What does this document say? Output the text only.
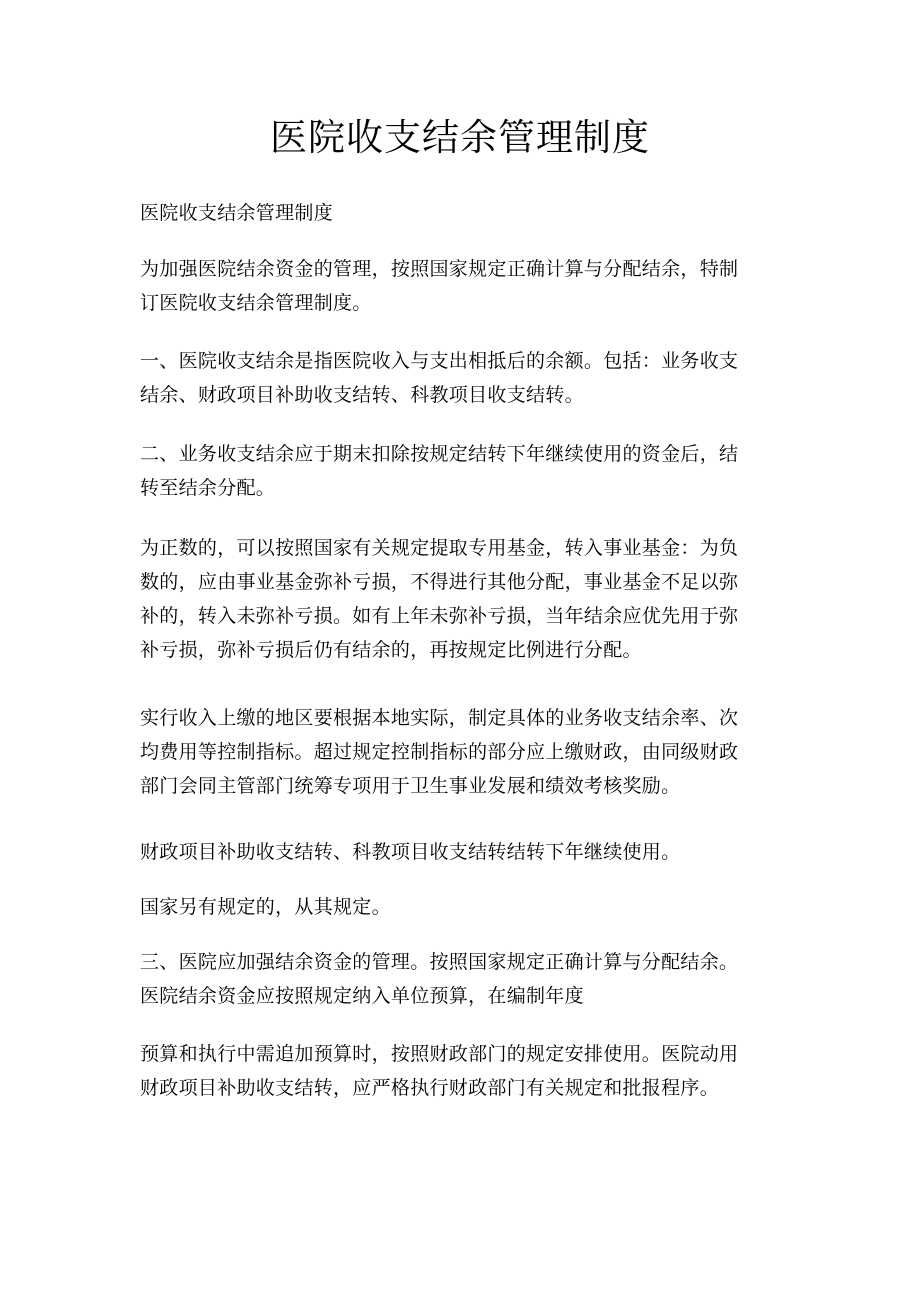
医院收支结余管理制度

医院收支结余管理制度

为加强医院结余资金的管理，按照国家规定正确计算与分配结余，特制
订医院收支结余管理制度。

一、医院收支结余是指医院收入与支出相抵后的余额。包括：业务收支
结余、财政项目补助收支结转、科教项目收支结转。

二、业务收支结余应于期末扣除按规定结转下年继续使用的资金后，结
转至结余分配。

为正数的，可以按照国家有关规定提取专用基金，转入事业基金：为负
数的，应由事业基金弥补亏损，不得进行其他分配，事业基金不足以弥
补的，转入未弥补亏损。如有上年未弥补亏损，当年结余应优先用于弥
补亏损，弥补亏损后仍有结余的，再按规定比例进行分配。

实行收入上缴的地区要根据本地实际，制定具体的业务收支结余率、次
均费用等控制指标。超过规定控制指标的部分应上缴财政，由同级财政
部门会同主管部门统筹专项用于卫生事业发展和绩效考核奖励。

财政项目补助收支结转、科教项目收支结转结转下年继续使用。

国家另有规定的，从其规定。

三、医院应加强结余资金的管理。按照国家规定正确计算与分配结余。
医院结余资金应按照规定纳入单位预算，在编制年度

预算和执行中需追加预算时，按照财政部门的规定安排使用。医院动用
财政项目补助收支结转，应严格执行财政部门有关规定和批报程序。
